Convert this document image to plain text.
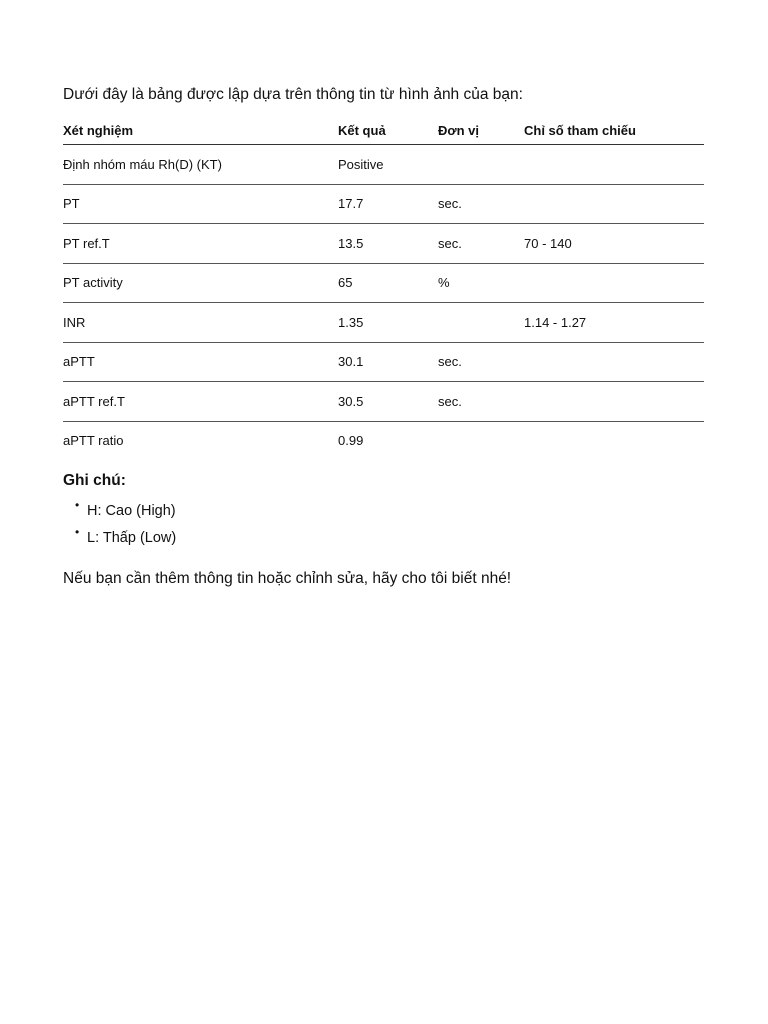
Dưới đây là bảng được lập dựa trên thông tin từ hình ảnh của bạn:

Xét nghiệm	Kết quả	Đơn vị	Chỉ số tham chiếu
Định nhóm máu Rh(D) (KT)	Positive		
PT	17.7	sec.	
PT ref.T	13.5	sec.	70 - 140
PT activity	65	%	
INR	1.35		1.14 - 1.27
aPTT	30.1	sec.	
aPTT ref.T	30.5	sec.	
aPTT ratio	0.99		
Ghi chú:
• H: Cao (High)
• L: Thấp (Low)

Nếu bạn cần thêm thông tin hoặc chỉnh sửa, hãy cho tôi biết nhé!
